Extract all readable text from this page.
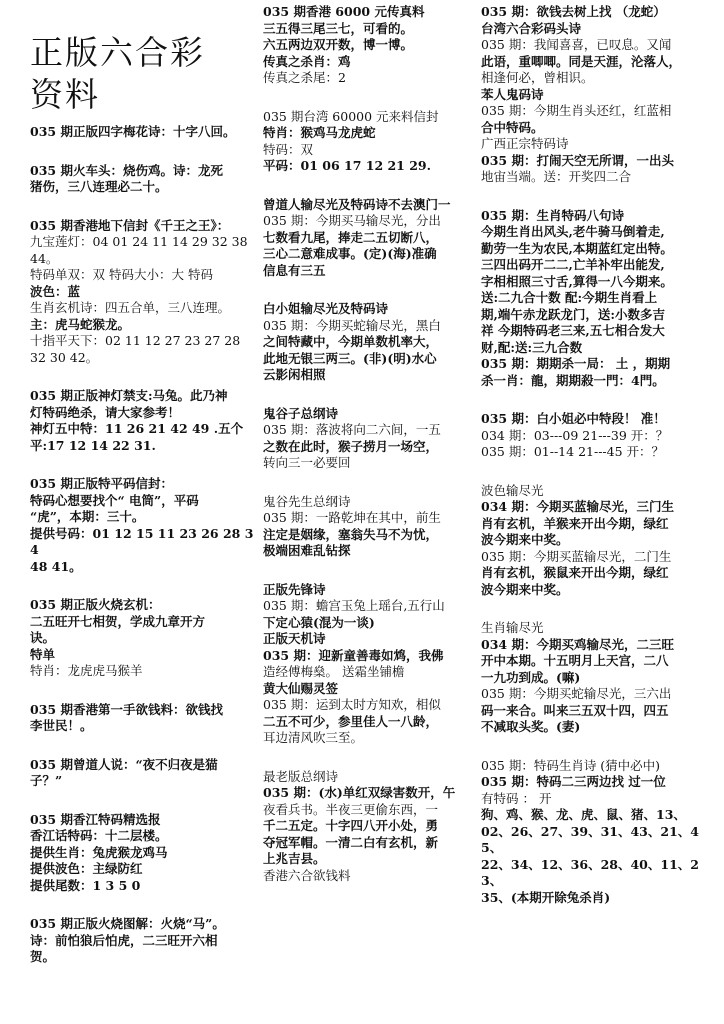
正版六合彩资料
035 期正版四字梅花诗：十字八回。
035 期火车头：烧伤鸡。诗：龙死
猪伤，三八连理必二十。
035 期香港地下信封《千王之王》：
九宝莲灯：04 01 24 11 14 29 32 38
44。
特码单双：双 特码大小：大 特码
波色：蓝
生肖玄机诗：四五合单，三八连理。
主：虎马蛇猴龙。
十指平天下：02 11 12 27 23 27 28
32 30 42。
035 期正版神灯禁支:马兔。此乃神
灯特码绝杀，请大家参考！
神灯五中特：11 26 21 42 49 .五个
平:17 12 14 22 31.
035 期正版特平码信封：
特码心想要找个“ 电筒”，平码
“虎”，本期：三十。
提供号码：01 12 15 11 23 26 28 34
48 41。
035 期正版火烧玄机：
二五旺开七相贺，学成九章开方
诀。
特单
特肖：龙虎虎马猴羊
035 期香港第一手欲钱料：欲钱找
李世民！。
035 期曾道人说：“夜不归夜是猫
子？”
035 期香江特码精选报
香江话特码：十二层楼。
提供生肖：兔虎猴龙鸡马
提供波色：主绿防红
提供尾数：1 3 5 0
035 期正版火烧图解：火烧“马”。
诗：前怕狼后怕虎，二三旺开六相
贺。
035 期香港 6000 元传真料
三五得三尾三七，可看的。
六五两边双开数，博一博。
传真之杀肖：鸡
传真之杀尾：2
035 期台湾 60000 元来料信封
特肖：猴鸡马龙虎蛇
特码：双
平码：01 06 17 12 21 29.
曾道人输尽光及特码诗不去澳门一
035 期：今期买马输尽光，分出
七数看九尾，捧走二五切断八，
三心二意难成事。(定)(海)准确
信息有三五
白小姐输尽光及特码诗
035 期：今期买蛇输尽光，黑白
之间特藏中，今期单数机率大，
此地无银三两三。(非)(明)水心
云影闲相照
鬼谷子总纲诗
035 期：落波将向二六间，一五
之数在此时，猴子捞月一场空，
转向三一必要回
鬼谷先生总纲诗
035 期：一路乾坤在其中，前生
注定是姻缘，塞翁失马不为忧，
极端困难乱钻探
正版先锋诗
035 期：蟾宫玉兔上瑶台,五行山
下定心猿(混为一谈)
正版天机诗
035 期：迎新童善毒如鸩，我佛
造经傅梅燊。 送霜坐铺檐
黄大仙赐灵签
035 期：运到太时方知欢，相似
二五不可少，参里佳人一八龄，
耳边清风吹三至。
最老版总纲诗
035 期：(水)单红双绿害数开，午
夜看兵书。半夜三更偷东西，一
千二五定。十字四八开小处，勇
夺冠军帽。一清二白有玄机，新
上兆吉县。
香港六合欲钱料
035 期：欲钱去树上找 （龙蛇）
台湾六合彩码头诗
035 期：我闻喜喜，已叹息。又闻
此语，重唧唧。同是天涯，沦落人，
相逢何必，曾相识。
苯人鬼码诗
035 期：今期生肖头还红，红蓝相
合中特码。
广西正宗特码诗
035 期：打闹天空无所谓，一出头
地宙当端。送：开奖四二合
035 期：生肖特码八句诗
今期生肖出风头,老牛骑马倒着走,
勤劳一生为农民,本期蓝红定出特。
三四出码开二二,亡羊补牢出能发,
字相相照三寸舌,算得一八今期来。
送:二九合十数 配:今期生肖看上
期,端午赤龙跃龙门，送:小数多吉
祥 今期特码老三来,五七相合发大
财,配:送:三九合数
035 期：期期杀一局： 土 ，期期
杀一肖：龍，期期殺一門：4門。
035 期：白小姐必中特段！ 准！
034 期：03---09 21---39 开：？
035 期：01--14 21---45 开：？
波色输尽光
034 期：今期买蓝输尽光，三门生
肖有玄机，羊猴来开出今期，绿红
波今期来中奖。
035 期：今期买蓝输尽光，二门生
肖有玄机，猴鼠来开出今期，绿红
波今期来中奖。
生肖输尽光
034 期：今期买鸡输尽光，二三旺
开中本期。十五明月上天宫，二八
一九功到成。(嘛)
035 期：今期买蛇输尽光，三六出
码一来合。叫来三五双十四，四五
不减取头奖。(妻)
035 期：特码生肖诗 (猜中必中)
035 期：特码二三两边找 过一位
有特码 ： 开
狗、鸡、猴、龙、虎、鼠、猪、13、
02、26、27、39、31、43、21、45、
22、34、12、36、28、40、11、23、
35、(本期开除兔杀肖)
